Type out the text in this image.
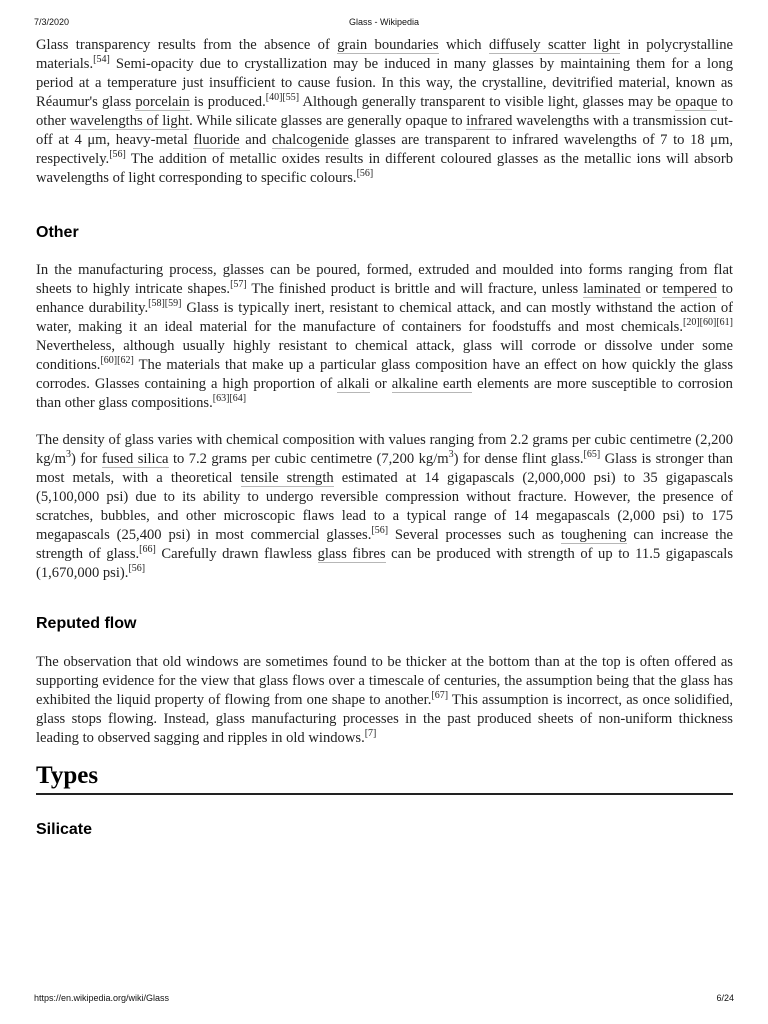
7/3/2020	Glass - Wikipedia

Glass transparency results from the absence of grain boundaries which diffusely scatter light in polycrystalline materials.[54] Semi-opacity due to crystallization may be induced in many glasses by maintaining them for a long period at a temperature just insufficient to cause fusion. In this way, the crystalline, devitrified material, known as Réaumur's glass porcelain is produced.[40][55] Although generally transparent to visible light, glasses may be opaque to other wavelengths of light. While silicate glasses are generally opaque to infrared wavelengths with a transmission cut-off at 4 μm, heavy-metal fluoride and chalcogenide glasses are transparent to infrared wavelengths of 7 to 18 μm, respectively.[56] The addition of metallic oxides results in different coloured glasses as the metallic ions will absorb wavelengths of light corresponding to specific colours.[56]

Other

In the manufacturing process, glasses can be poured, formed, extruded and moulded into forms ranging from flat sheets to highly intricate shapes.[57] The finished product is brittle and will fracture, unless laminated or tempered to enhance durability.[58][59] Glass is typically inert, resistant to chemical attack, and can mostly withstand the action of water, making it an ideal material for the manufacture of containers for foodstuffs and most chemicals.[20][60][61] Nevertheless, although usually highly resistant to chemical attack, glass will corrode or dissolve under some conditions.[60][62] The materials that make up a particular glass composition have an effect on how quickly the glass corrodes. Glasses containing a high proportion of alkali or alkaline earth elements are more susceptible to corrosion than other glass compositions.[63][64]

The density of glass varies with chemical composition with values ranging from 2.2 grams per cubic centimetre (2,200 $kg/m^3$) for fused silica to 7.2 grams per cubic centimetre (7,200 $kg/m^3$) for dense flint glass.[65] Glass is stronger than most metals, with a theoretical tensile strength estimated at 14 gigapascals (2,000,000 psi) to 35 gigapascals (5,100,000 psi) due to its ability to undergo reversible compression without fracture. However, the presence of scratches, bubbles, and other microscopic flaws lead to a typical range of 14 megapascals (2,000 psi) to 175 megapascals (25,400 psi) in most commercial glasses.[56] Several processes such as toughening can increase the strength of glass.[66] Carefully drawn flawless glass fibres can be produced with strength of up to 11.5 gigapascals (1,670,000 psi).[56]

Reputed flow

The observation that old windows are sometimes found to be thicker at the bottom than at the top is often offered as supporting evidence for the view that glass flows over a timescale of centuries, the assumption being that the glass has exhibited the liquid property of flowing from one shape to another.[67] This assumption is incorrect, as once solidified, glass stops flowing. Instead, glass manufacturing processes in the past produced sheets of non-uniform thickness leading to observed sagging and ripples in old windows.[7]

Types
Silicate
https://en.wikipedia.org/wiki/Glass	6/24
